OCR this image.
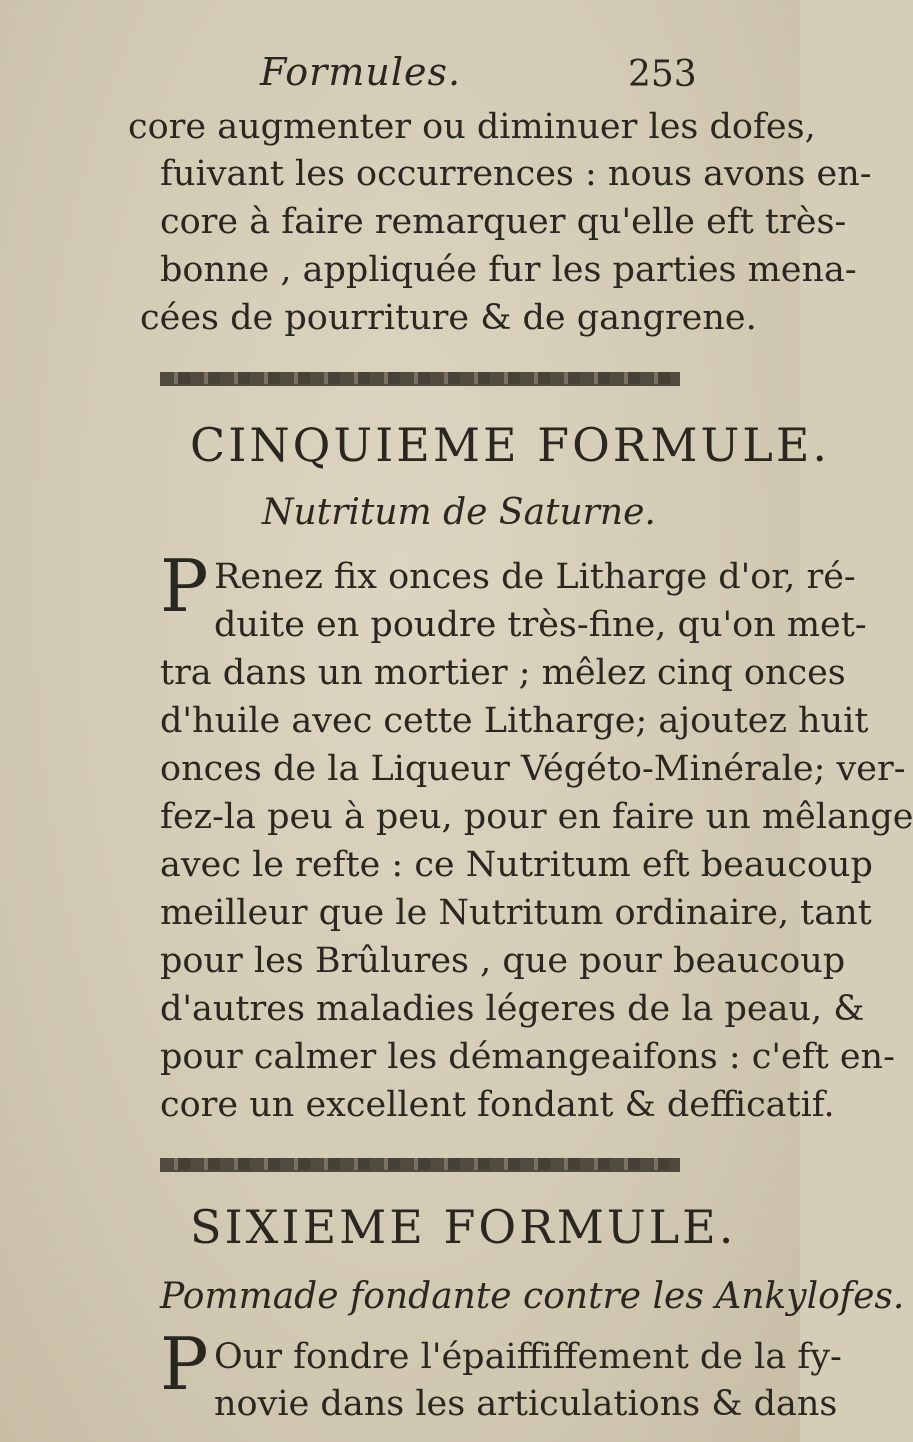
Formules.	253
core augmenter ou diminuer les dofes,
fuivant les occurrences : nous avons en-
core à faire remarquer qu'elle eft très-
bonne , appliquée fur les parties mena-
cées de pourriture & de gangrene.
CINQUIEME FORMULE.
Nutritum de Saturne.
P Renez fix onces de Litharge d'or, ré-
duite en poudre très-fine, qu'on met-
tra dans un mortier ; mêlez cinq onces
d'huile avec cette Litharge; ajoutez huit
onces de la Liqueur Végéto-Minérale; ver-
fez-la peu à peu, pour en faire un mêlange
avec le refte : ce Nutritum eft beaucoup
meilleur que le Nutritum ordinaire, tant
pour les Brûlures , que pour beaucoup
d'autres maladies légeres de la peau, &
pour calmer les démangeaifons : c'eft en-
core un excellent fondant & defficatif.
SIXIEME FORMULE.
Pommade fondante contre les Ankylofes.
P Our fondre l'épaiffiffement de la fy-
novie dans les articulations & dans
